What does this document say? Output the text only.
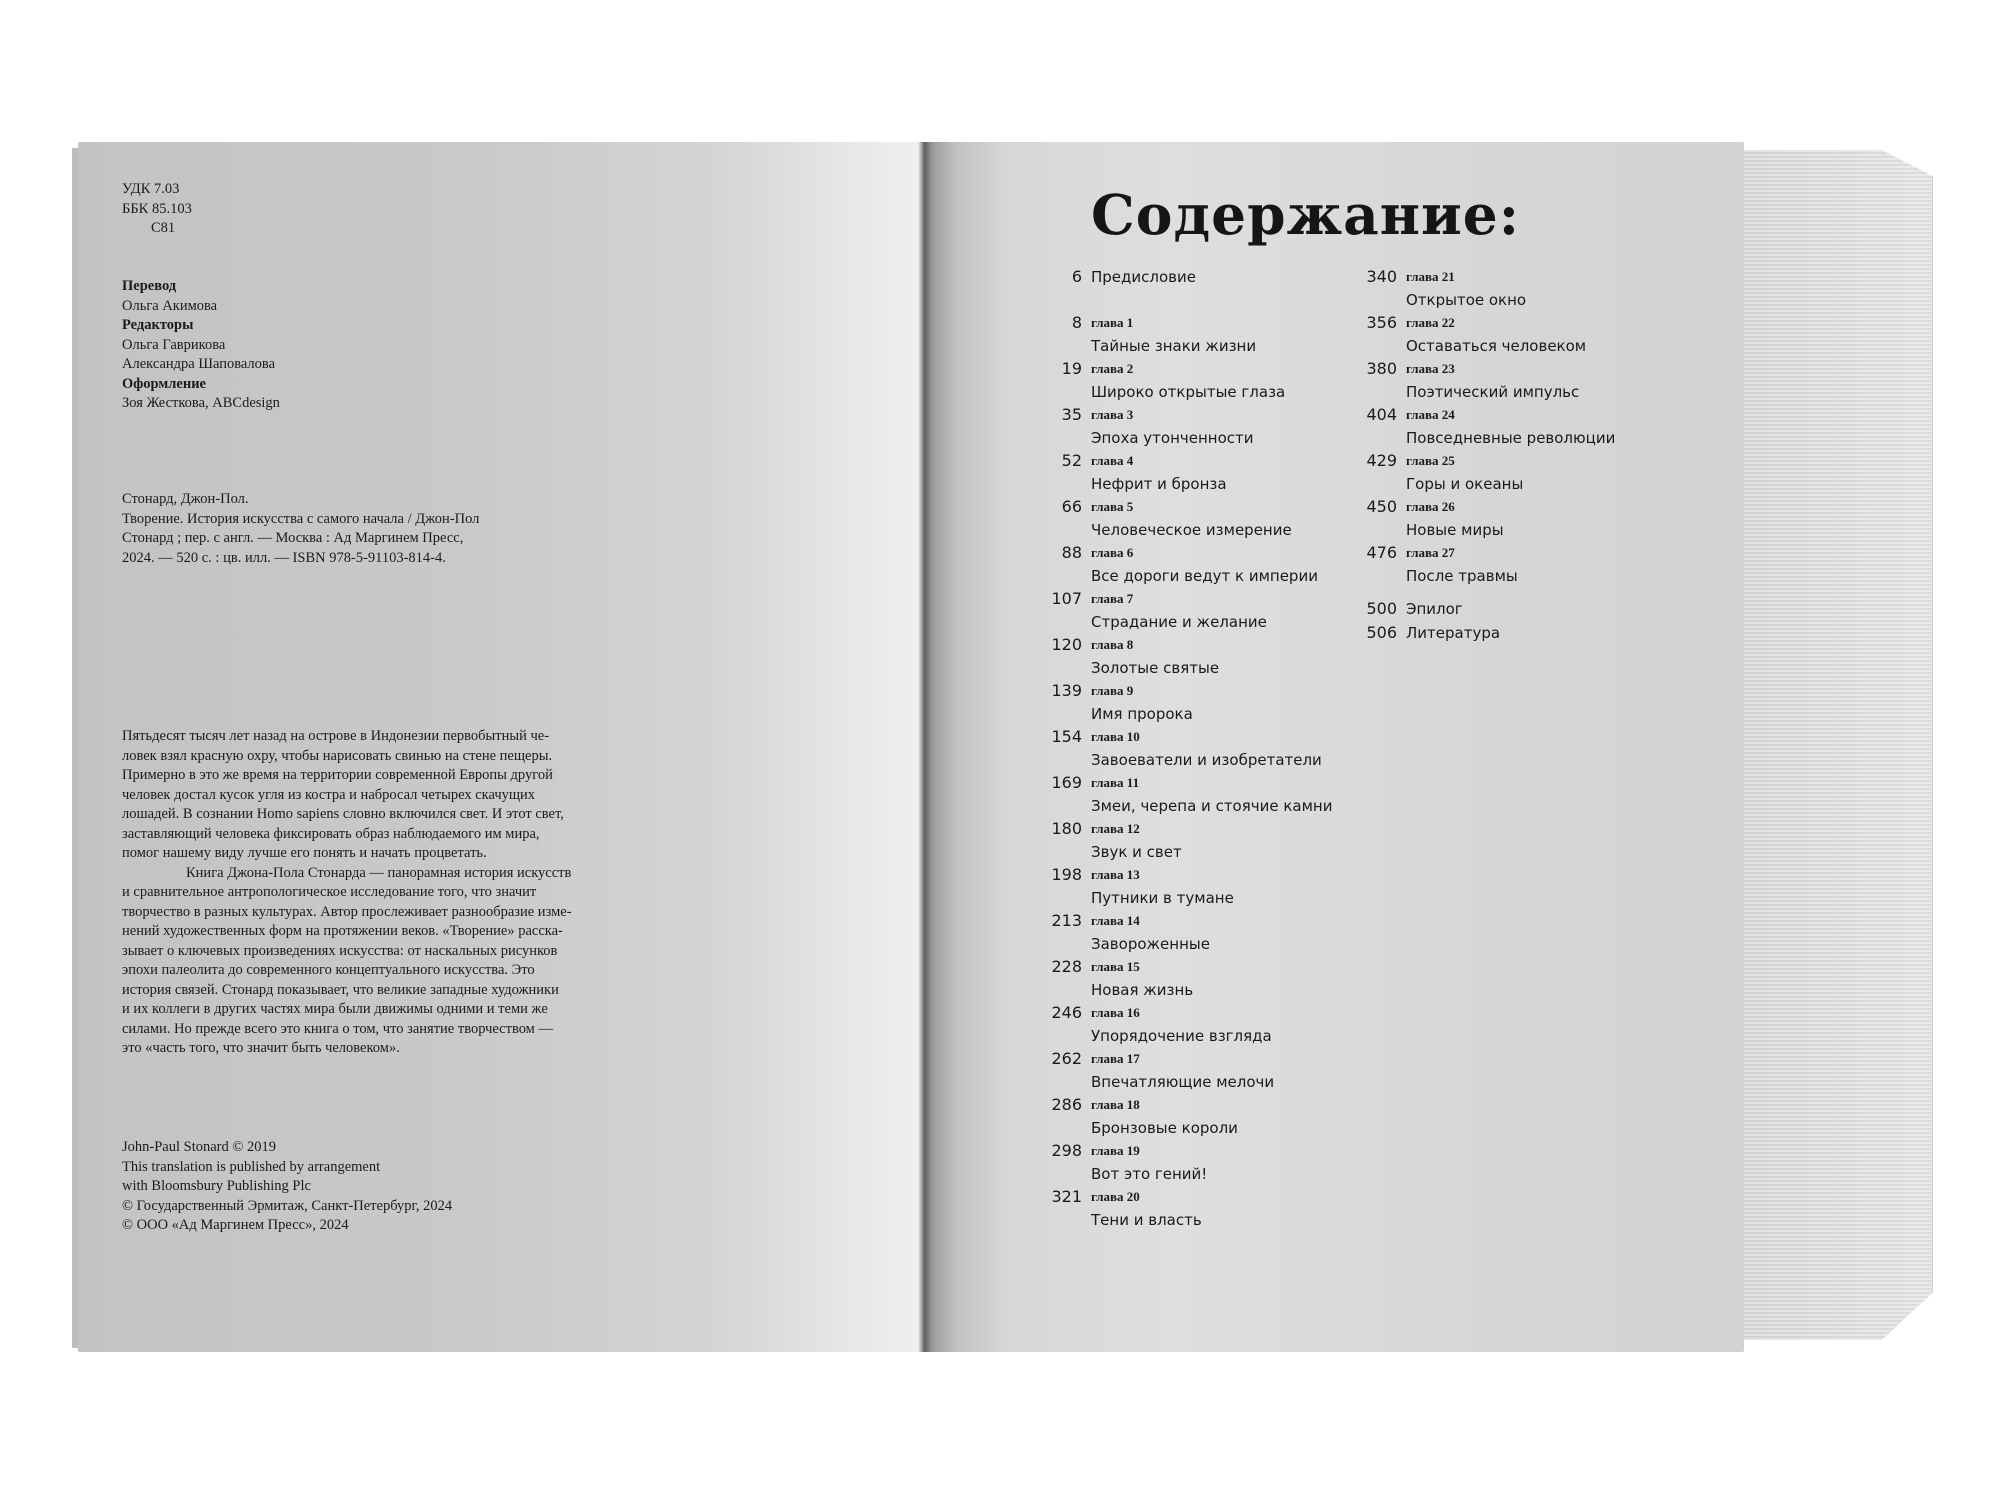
УДК 7.03
ББК 85.103
С81
Перевод
Ольга Акимова
Редакторы
Ольга Гаврикова
Александра Шаповалова
Оформление
Зоя Жесткова, ABCdesign
Стонард, Джон-Пол.
Творение. История искусства с самого начала / Джон-Пол
Стонард ; пер. с англ. — Москва : Ад Маргинем Пресс,
2024. — 520 с. : цв. илл. — ISBN 978-5-91103-814-4.
Пятьдесят тысяч лет назад на острове в Индонезии первобытный че-
ловек взял красную охру, чтобы нарисовать свинью на стене пещеры.
Примерно в это же время на территории современной Европы другой
человек достал кусок угля из костра и набросал четырех скачущих
лошадей. В сознании Homo sapiens словно включился свет. И этот свет,
заставляющий человека фиксировать образ наблюдаемого им мира,
помог нашему виду лучше его понять и начать процветать.
Книга Джона-Пола Стонарда — панорамная история искусств
и сравнительное антропологическое исследование того, что значит
творчество в разных культурах. Автор прослеживает разнообразие изме-
нений художественных форм на протяжении веков. «Творение» расска-
зывает о ключевых произведениях искусства: от наскальных рисунков
эпохи палеолита до современного концептуального искусства. Это
история связей. Стонард показывает, что великие западные художники
и их коллеги в других частях мира были движимы одними и теми же
силами. Но прежде всего это книга о том, что занятие творчеством —
это «часть того, что значит быть человеком».
John-Paul Stonard © 2019
This translation is published by arrangement
with Bloomsbury Publishing Plc
© Государственный Эрмитаж, Санкт-Петербург, 2024
© ООО «Ад Маргинем Пресс», 2024
Содержание:
6 Предисловие
8 глава 1
Тайные знаки жизни
19 глава 2
Широко открытые глаза
35 глава 3
Эпоха утонченности
52 глава 4
Нефрит и бронза
66 глава 5
Человеческое измерение
88 глава 6
Все дороги ведут к империи
107 глава 7
Страдание и желание
120 глава 8
Золотые святые
139 глава 9
Имя пророка
154 глава 10
Завоеватели и изобретатели
169 глава 11
Змеи, черепа и стоячие камни
180 глава 12
Звук и свет
198 глава 13
Путники в тумане
213 глава 14
Завороженные
228 глава 15
Новая жизнь
246 глава 16
Упорядочение взгляда
262 глава 17
Впечатляющие мелочи
286 глава 18
Бронзовые короли
298 глава 19
Вот это гений!
321 глава 20
Тени и власть
340 глава 21
Открытое окно
356 глава 22
Оставаться человеком
380 глава 23
Поэтический импульс
404 глава 24
Повседневные революции
429 глава 25
Горы и океаны
450 глава 26
Новые миры
476 глава 27
После травмы
500 Эпилог
506 Литература
